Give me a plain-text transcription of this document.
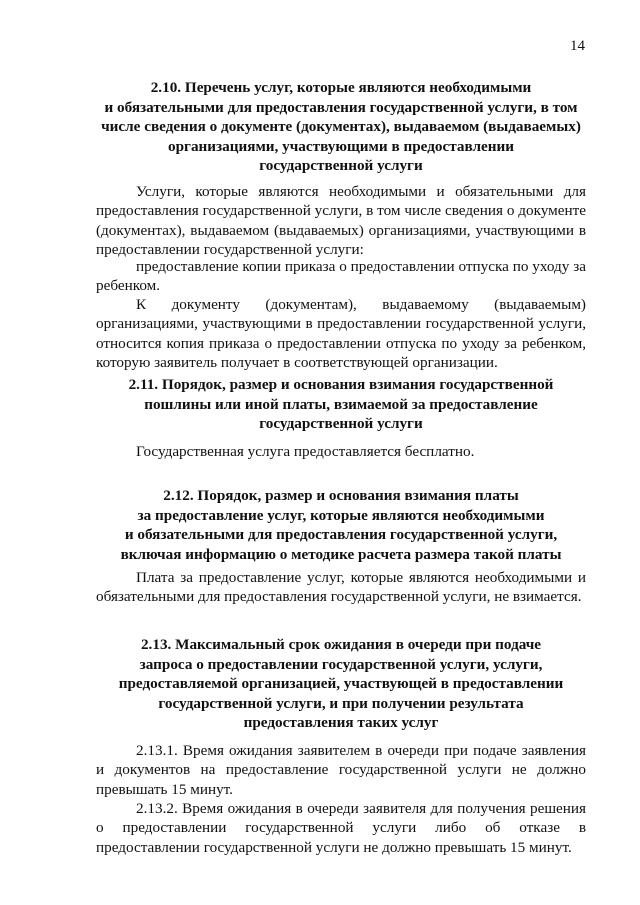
14
2.10. Перечень услуг, которые являются необходимыми
и обязательными для предоставления государственной услуги, в том
числе сведения о документе (документах), выдаваемом (выдаваемых)
организациями, участвующими в предоставлении
государственной услуги
Услуги, которые являются необходимыми и обязательными для предоставления государственной услуги, в том числе сведения о документе (документах), выдаваемом (выдаваемых) организациями, участвующими в предоставлении государственной услуги:
предоставление копии приказа о предоставлении отпуска по уходу за ребенком.
К документу (документам), выдаваемому (выдаваемым) организациями, участвующими в предоставлении государственной услуги, относится копия приказа о предоставлении отпуска по уходу за ребенком, которую заявитель получает в соответствующей организации.
2.11. Порядок, размер и основания взимания государственной
пошлины или иной платы, взимаемой за предоставление
государственной услуги
Государственная услуга предоставляется бесплатно.
2.12. Порядок, размер и основания взимания платы
за предоставление услуг, которые являются необходимыми
и обязательными для предоставления государственной услуги,
включая информацию о методике расчета размера такой платы
Плата за предоставление услуг, которые являются необходимыми и обязательными для предоставления государственной услуги, не взимается.
2.13. Максимальный срок ожидания в очереди при подаче
запроса о предоставлении государственной услуги, услуги,
предоставляемой организацией, участвующей в предоставлении
государственной услуги, и при получении результата
предоставления таких услуг
2.13.1. Время ожидания заявителем в очереди при подаче заявления и документов на предоставление государственной услуги не должно превышать 15 минут.
2.13.2. Время ожидания в очереди заявителя для получения решения о предоставлении государственной услуги либо об отказе в предоставлении государственной услуги не должно превышать 15 минут.
